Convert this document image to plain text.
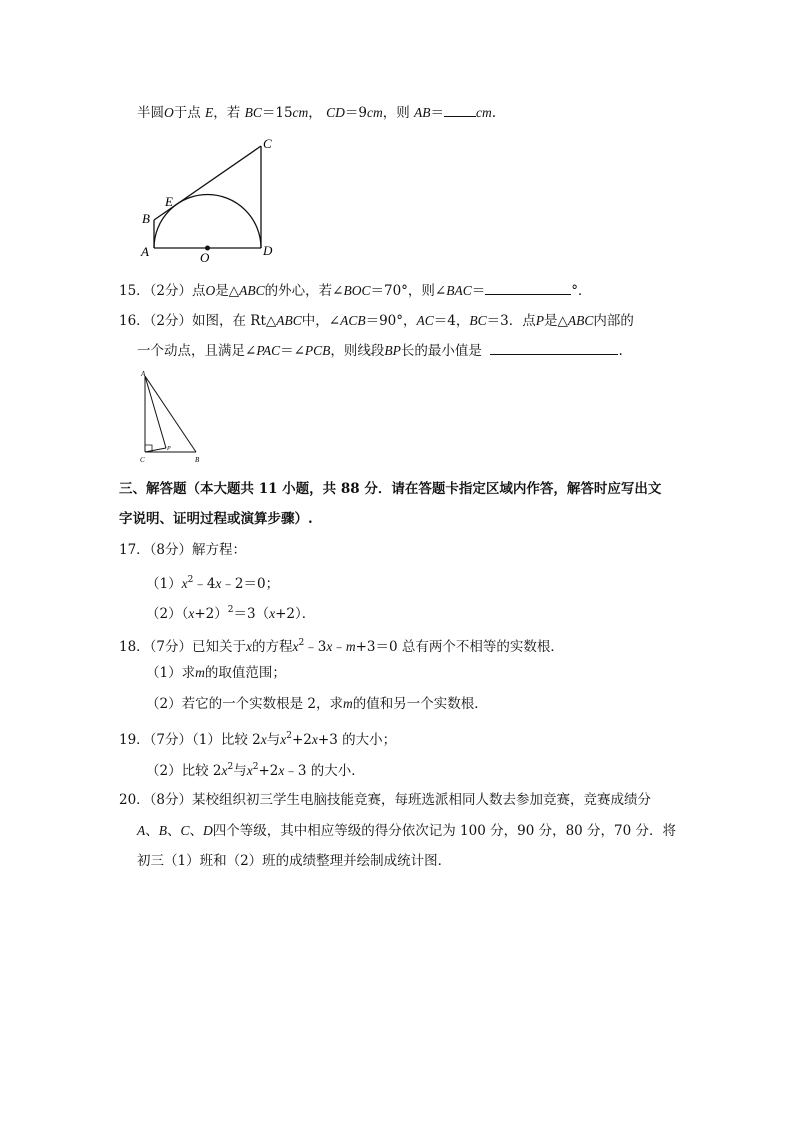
半圆O于点 E，若 BC＝15cm， CD＝9cm，则 AB＝ cm.
A
B
C
D
E
O
15．（2分）点O是△ABC的外心，若∠BOC＝70°，则∠BAC＝	°．
16．（2分）如图，在 Rt△ABC中，∠ACB＝90°，AC＝4，BC＝3．点P是△ABC内部的
一个动点，且满足∠PAC＝∠PCB，则线段BP长的最小值是	.
A
C	B
P
三、解答题（本大题共 11 小题，共 88 分．请在答题卡指定区域内作答，解答时应写出文
字说明、证明过程或演算步骤）.
17．（8分）解方程：
$(1)x^2﹣4x﹣2=0$；
$(2)(x+2)^2=3(x+2)$．
18．（7分）已知关于x的方程$x^2﹣3x﹣m+3=0$ 总有两个不相等的实数根．
（1）求m的取值范围；
（2）若它的一个实数根是 2，求m的值和另一个实数根．
19．（7分）（1）比较 2x与$x^2+2x+3$ 的大小；
（2）比较 $2x^2$与$x^2+2x﹣3$ 的大小．
20．（8分）某校组织初三学生电脑技能竞赛，每班选派相同人数去参加竞赛，竞赛成绩分
A、B、C、D四个等级，其中相应等级的得分依次记为 100 分，90 分，80 分，70 分．将
初三（1）班和（2）班的成绩整理并绘制成统计图．
